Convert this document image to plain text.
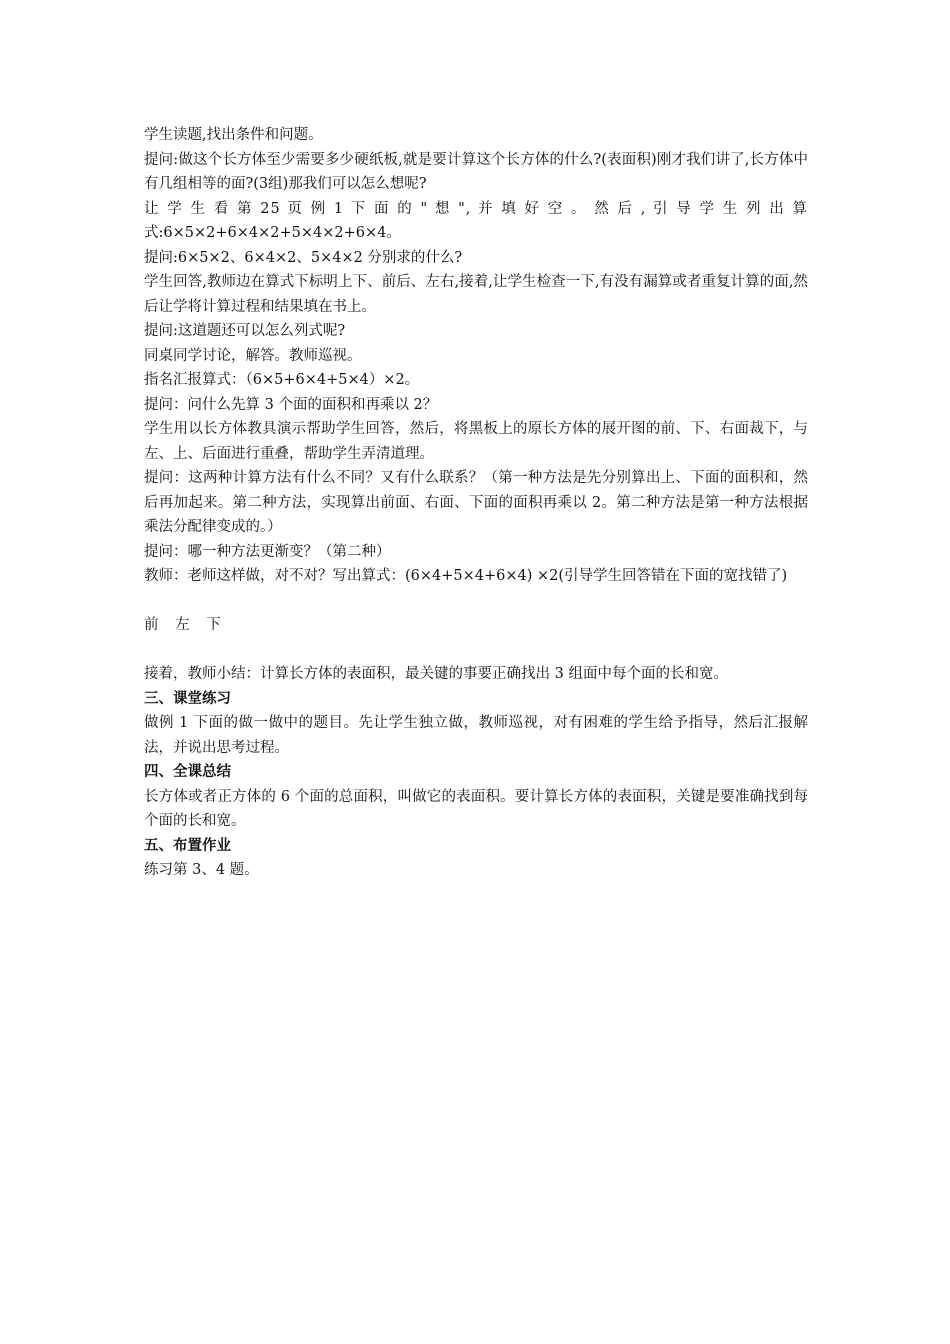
学生读题,找出条件和问题。

提问:做这个长方体至少需要多少硬纸板,就是要计算这个长方体的什么?(表面积)刚才我们讲了,长方体中有几组相等的面?(3组)那我们可以怎么想呢?

让 学 生 看 第 25 页 例 1 下 面 的 " 想 ", 并 填 好 空 。 然 后 , 引 导 学 生 列 出 算

式:6×5×2+6×4×2+5×4×2+6×4。

提问:6×5×2、6×4×2、5×4×2 分别求的什么?

学生回答,教师边在算式下标明上下、前后、左右,接着,让学生检查一下,有没有漏算或者重复计算的面,然后让学将计算过程和结果填在书上。

提问:这道题还可以怎么列式呢?

同桌同学讨论，解答。教师巡视。

指名汇报算式：（6×5+6×4+5×4）×2。

提问：问什么先算 3 个面的面积和再乘以 2？

学生用以长方体教具演示帮助学生回答，然后，将黑板上的原长方体的展开图的前、下、右面裁下，与左、上、后面进行重叠，帮助学生弄清道理。

提问：这两种计算方法有什么不同？又有什么联系？（第一种方法是先分别算出上、下面的面积和，然后再加起来。第二种方法，实现算出前面、右面、下面的面积再乘以 2。第二种方法是第一种方法根据乘法分配律变成的。）

提问：哪一种方法更渐变？（第二种）

教师：老师这样做，对不对？写出算式：(6×4+5×4+6×4) ×2(引导学生回答错在下面的宽找错了)

前 左 下

接着，教师小结：计算长方体的表面积，最关键的事要正确找出 3 组面中每个面的长和宽。

三、课堂练习

做例 1 下面的做一做中的题目。先让学生独立做，教师巡视，对有困难的学生给予指导，然后汇报解法，并说出思考过程。

四、全课总结

长方体或者正方体的 6 个面的总面积，叫做它的表面积。要计算长方体的表面积，关键是要准确找到每个面的长和宽。

五、布置作业

练习第 3、4 题。
